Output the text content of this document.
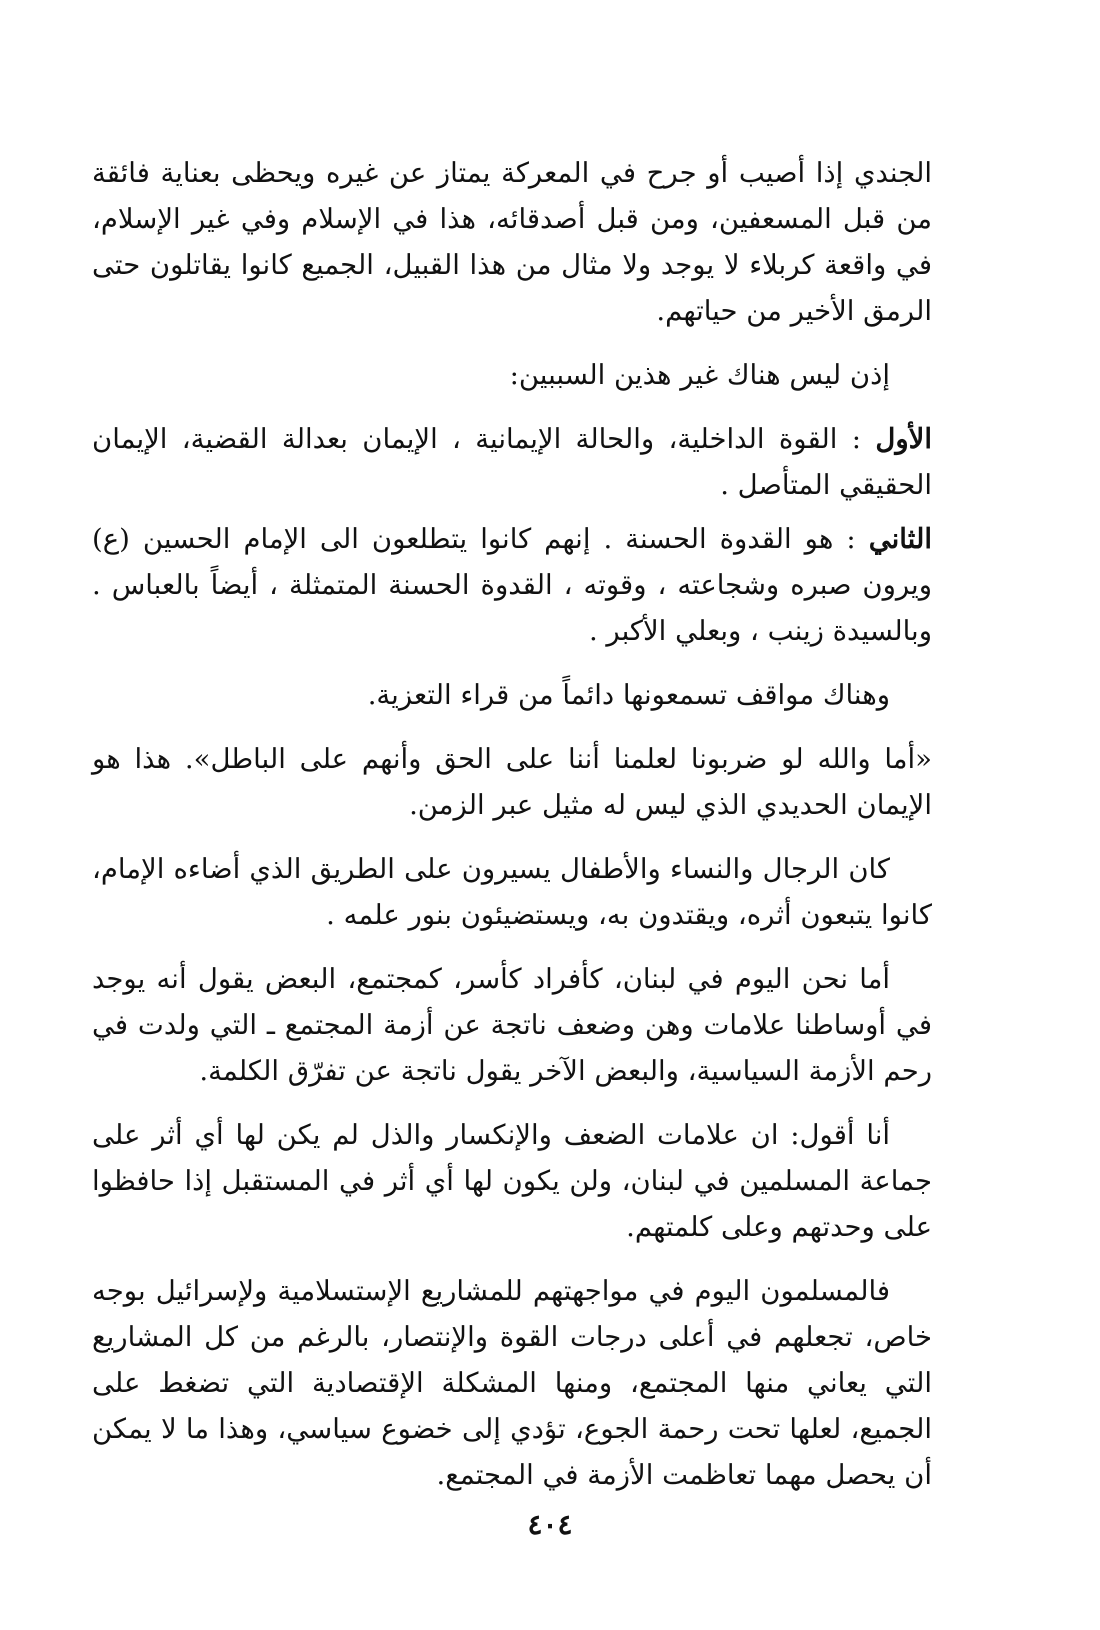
الجندي إذا أصيب أو جرح في المعركة يمتاز عن غيره ويحظى بعناية فائقة من قبل المسعفين، ومن قبل أصدقائه، هذا في الإسلام وفي غير الإسلام، في واقعة كربلاء لا يوجد ولا مثال من هذا القبيل، الجميع كانوا يقاتلون حتى الرمق الأخير من حياتهم.

إذن ليس هناك غير هذين السببين:

الأول : القوة الداخلية، والحالة الإيمانية ، الإيمان بعدالة القضية، الإيمان الحقيقي المتأصل .

الثاني : هو القدوة الحسنة . إنهم كانوا يتطلعون الى الإمام الحسين (ع) ويرون صبره وشجاعته ، وقوته ، القدوة الحسنة المتمثلة ، أيضاً بالعباس . وبالسيدة زينب ، وبعلي الأكبر .

وهناك مواقف تسمعونها دائماً من قراء التعزية.

«أما والله لو ضربونا لعلمنا أننا على الحق وأنهم على الباطل». هذا هو الإيمان الحديدي الذي ليس له مثيل عبر الزمن.

كان الرجال والنساء والأطفال يسيرون على الطريق الذي أضاءه الإمام، كانوا يتبعون أثره، ويقتدون به، ويستضيئون بنور علمه .

أما نحن اليوم في لبنان، كأفراد كأسر، كمجتمع، البعض يقول أنه يوجد في أوساطنا علامات وهن وضعف ناتجة عن أزمة المجتمع ـ التي ولدت في رحم الأزمة السياسية، والبعض الآخر يقول ناتجة عن تفرّق الكلمة.

أنا أقول: ان علامات الضعف والإنكسار والذل لم يكن لها أي أثر على جماعة المسلمين في لبنان، ولن يكون لها أي أثر في المستقبل إذا حافظوا على وحدتهم وعلى كلمتهم.

فالمسلمون اليوم في مواجهتهم للمشاريع الإستسلامية ولإسرائيل بوجه خاص، تجعلهم في أعلى درجات القوة والإنتصار، بالرغم من كل المشاريع التي يعاني منها المجتمع، ومنها المشكلة الإقتصادية التي تضغط على الجميع، لعلها تحت رحمة الجوع، تؤدي إلى خضوع سياسي، وهذا ما لا يمكن أن يحصل مهما تعاظمت الأزمة في المجتمع.

٤٠٤
